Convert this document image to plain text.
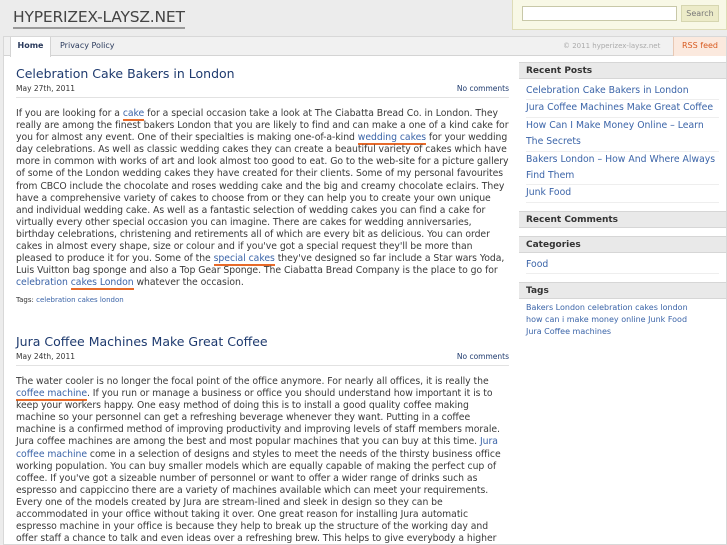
HYPERIZEX-LAYSZ.NET	Search
Home	Privacy Policy	© 2011 hyperizex-laysz.net	RSS feed
Celebration Cake Bakers in London
May 27th, 2011	No comments
If you are looking for a cake for a special occasion take a look at The Ciabatta Bread Co. in London. They really are among the finest bakers London that you are likely to find and can make a one of a kind cake for you for almost any event. One of their specialties is making one-of-a-kind wedding cakes for your wedding day celebrations. As well as classic wedding cakes they can create a beautiful variety of cakes which have more in common with works of art and look almost too good to eat. Go to the web-site for a picture gallery of some of the London wedding cakes they have created for their clients. Some of my personal favourites from CBCO include the chocolate and roses wedding cake and the big and creamy chocolate eclairs. They have a comprehensive variety of cakes to choose from or they can help you to create your own unique and individual wedding cake. As well as a fantastic selection of wedding cakes you can find a cake for virtually every other special occasion you can imagine. There are cakes for wedding anniversaries, birthday celebrations, christening and retirements all of which are every bit as delicious. You can order cakes in almost every shape, size or colour and if you've got a special request they'll be more than pleased to produce it for you. Some of the special cakes they've designed so far include a Star wars Yoda, Luis Vuitton bag sponge and also a Top Gear Sponge. The Ciabatta Bread Company is the place to go for celebration cakes London whatever the occasion.
Tags: celebration cakes london
Jura Coffee Machines Make Great Coffee
May 24th, 2011	No comments
The water cooler is no longer the focal point of the office anymore. For nearly all offices, it is really the coffee machine. If you run or manage a business or office you should understand how important it is to keep your workers happy. One easy method of doing this is to install a good quality coffee making machine so your personnel can get a refreshing beverage whenever they want. Putting in a coffee machine is a confirmed method of improving productivity and improving levels of staff members morale. Jura coffee machines are among the best and most popular machines that you can buy at this time. Jura coffee machine come in a selection of designs and styles to meet the needs of the thirsty business office working population. You can buy smaller models which are equally capable of making the perfect cup of coffee. If you've got a sizeable number of personnel or want to offer a wider range of drinks such as espresso and cappiccino there are a variety of machines available which can meet your requirements. Every one of the models created by Jura are stream-lined and sleek in design so they can be accommodated in your office without taking it over. One great reason for installing Jura automatic espresso machine in your office is because they help to break up the structure of the working day and offer staff a chance to talk and even ideas over a refreshing brew. This helps to give everybody a higher
Recent Posts
Celebration Cake Bakers in London
Jura Coffee Machines Make Great Coffee
How Can I Make Money Online – Learn The Secrets
Bakers London – How And Where Always Find Them
Junk Food
Recent Comments
Categories
Food
Tags
Bakers London celebration cakes london
how can i make money online Junk Food
Jura Coffee machines
